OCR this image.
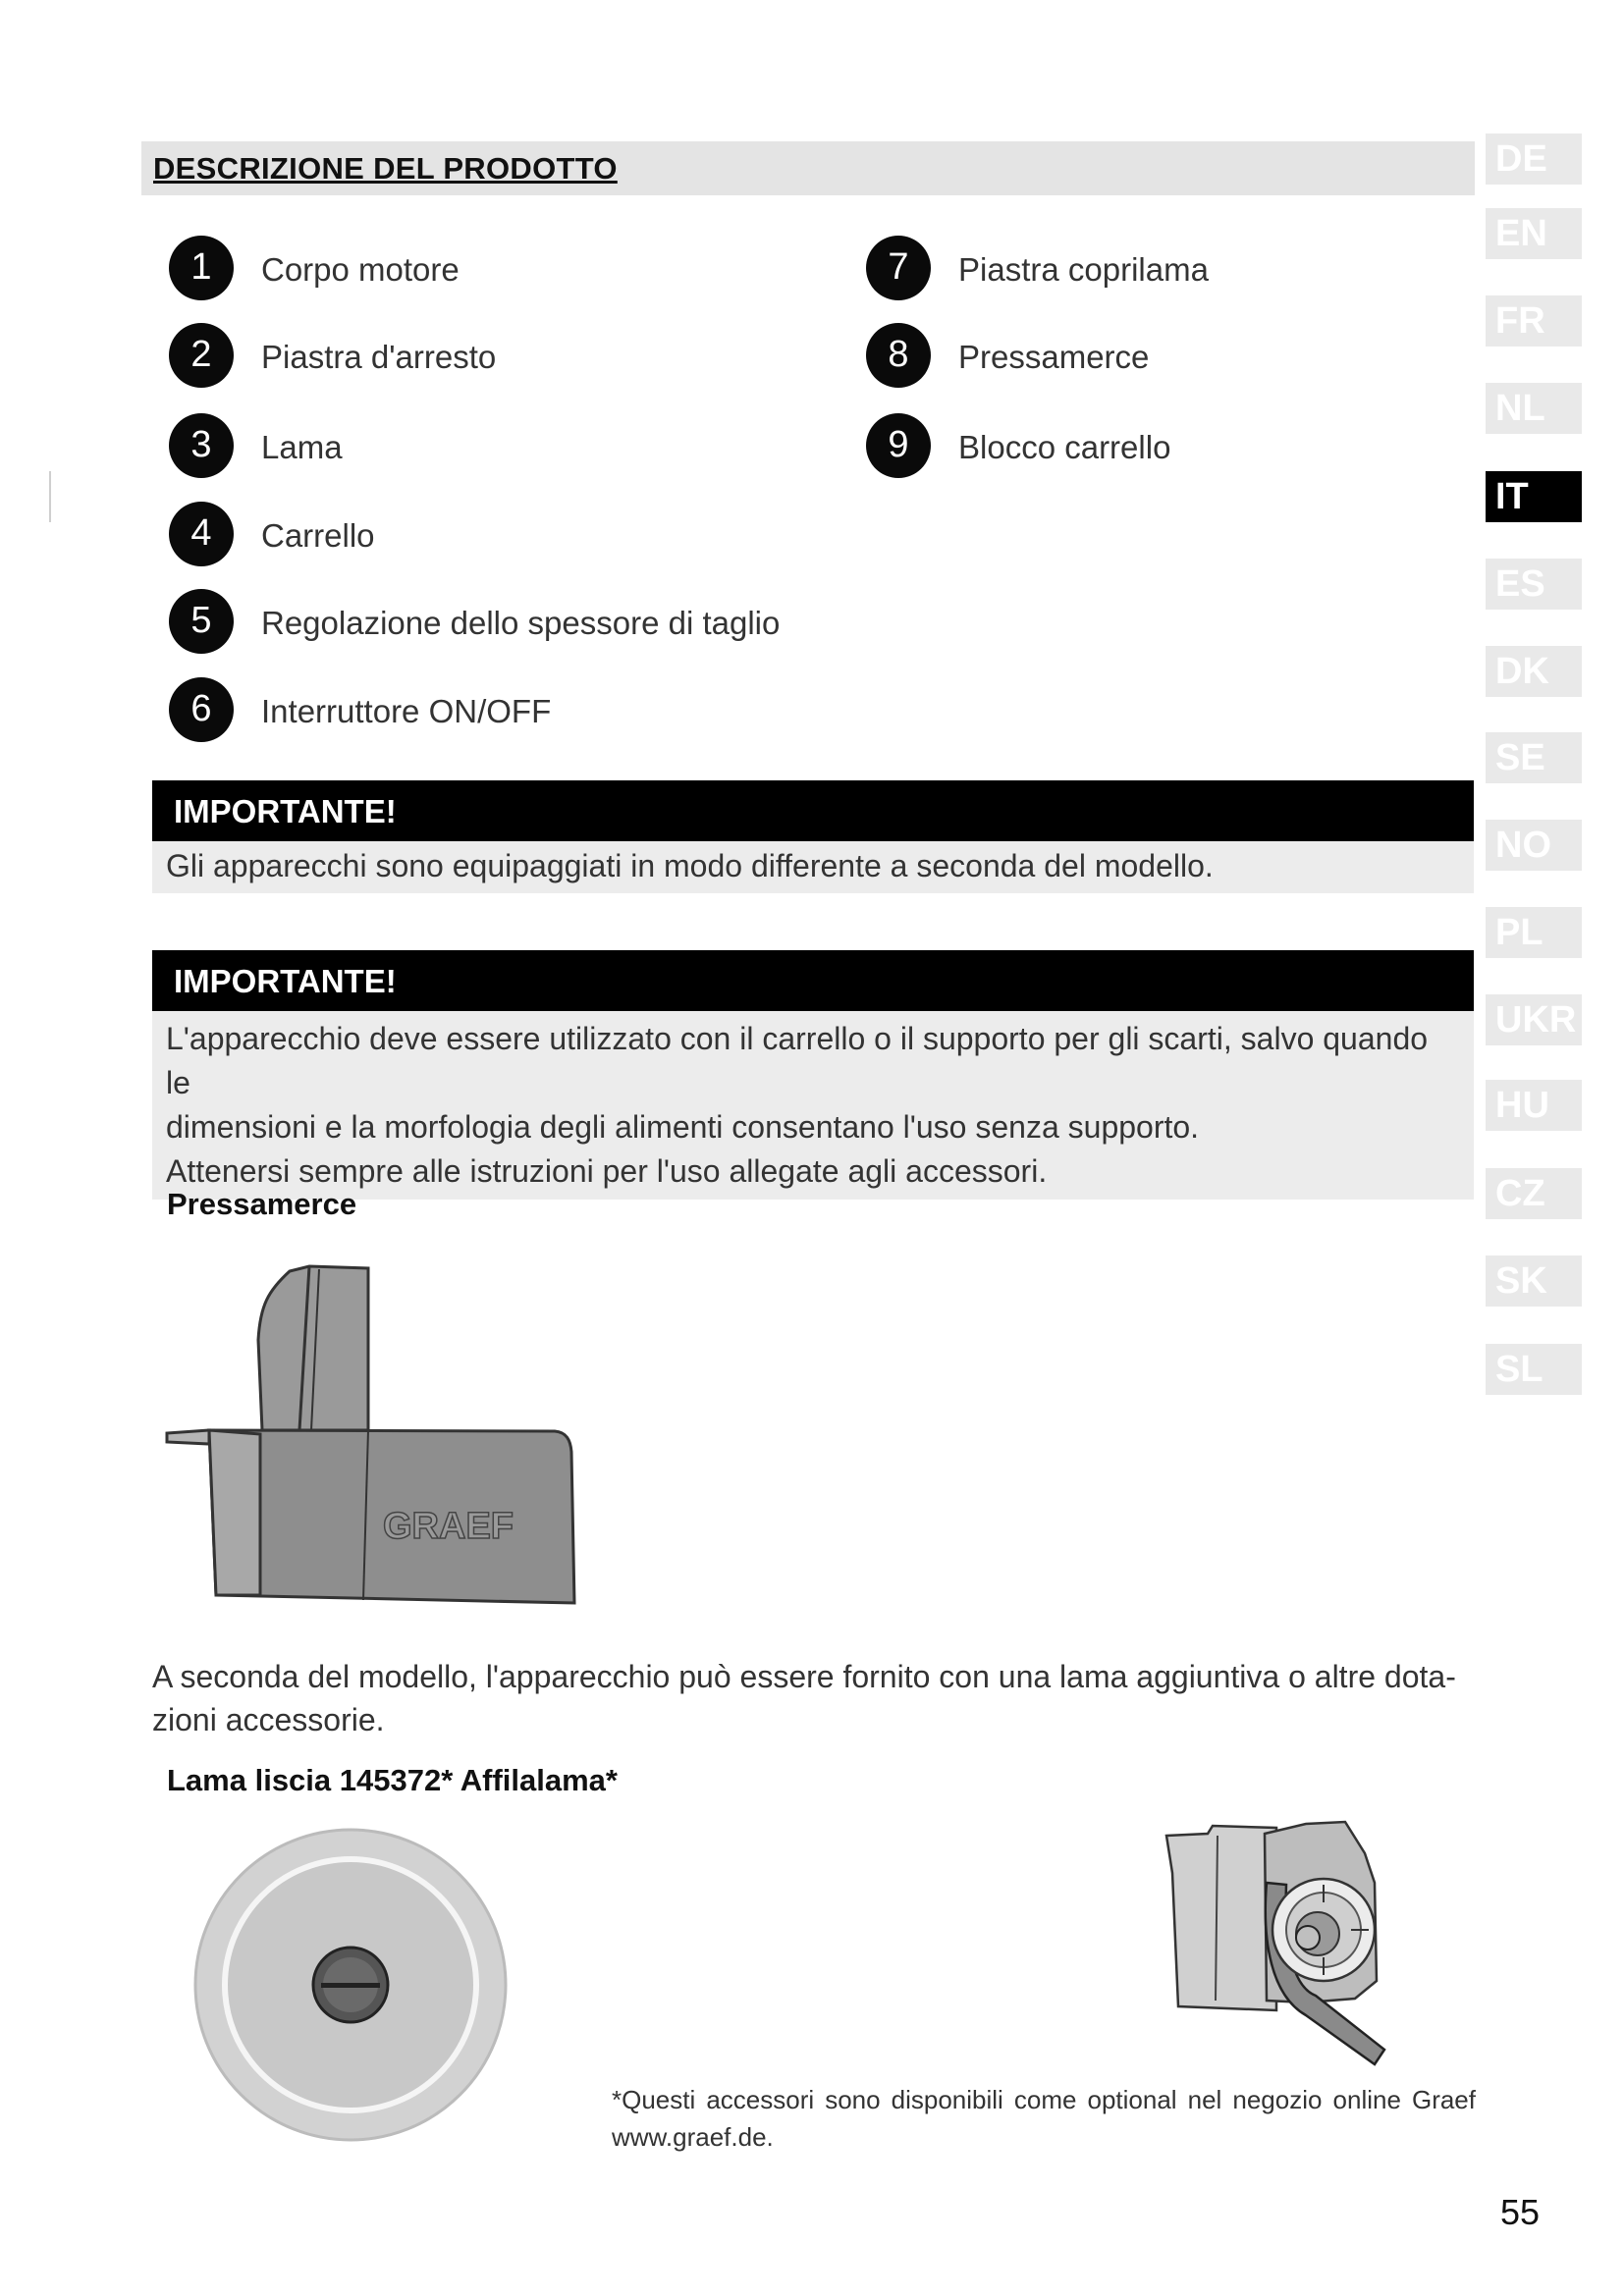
DESCRIZIONE DEL PRODOTTO	DE
EN
FR
NL
IT
ES
DK
SE
NO
PL
UKR
HU
CZ
SK
SL
1	Corpo motore
2	Piastra d'arresto
3	Lama
4	Carrello
5	Regolazione dello spessore di taglio
6	Interruttore ON/OFF
7	Piastra coprilama
8	Pressamerce
9	Blocco carrello
IMPORTANTE!
Gli apparecchi sono equipaggiati in modo differente a seconda del modello.
IMPORTANTE!
L'apparecchio deve essere utilizzato con il carrello o il supporto per gli scarti, salvo quando le
dimensioni e la morfologia degli alimenti consentano l'uso senza supporto.
Attenersi sempre alle istruzioni per l'uso allegate agli accessori.
Pressamerce
GRAEF
A seconda del modello, l'apparecchio può essere fornito con una lama aggiuntiva o altre dota-
zioni accessorie.
Lama liscia 145372* Affilalama*
*Questi accessori sono disponibili come optional nel negozio online Graef
www.graef.de.
55
